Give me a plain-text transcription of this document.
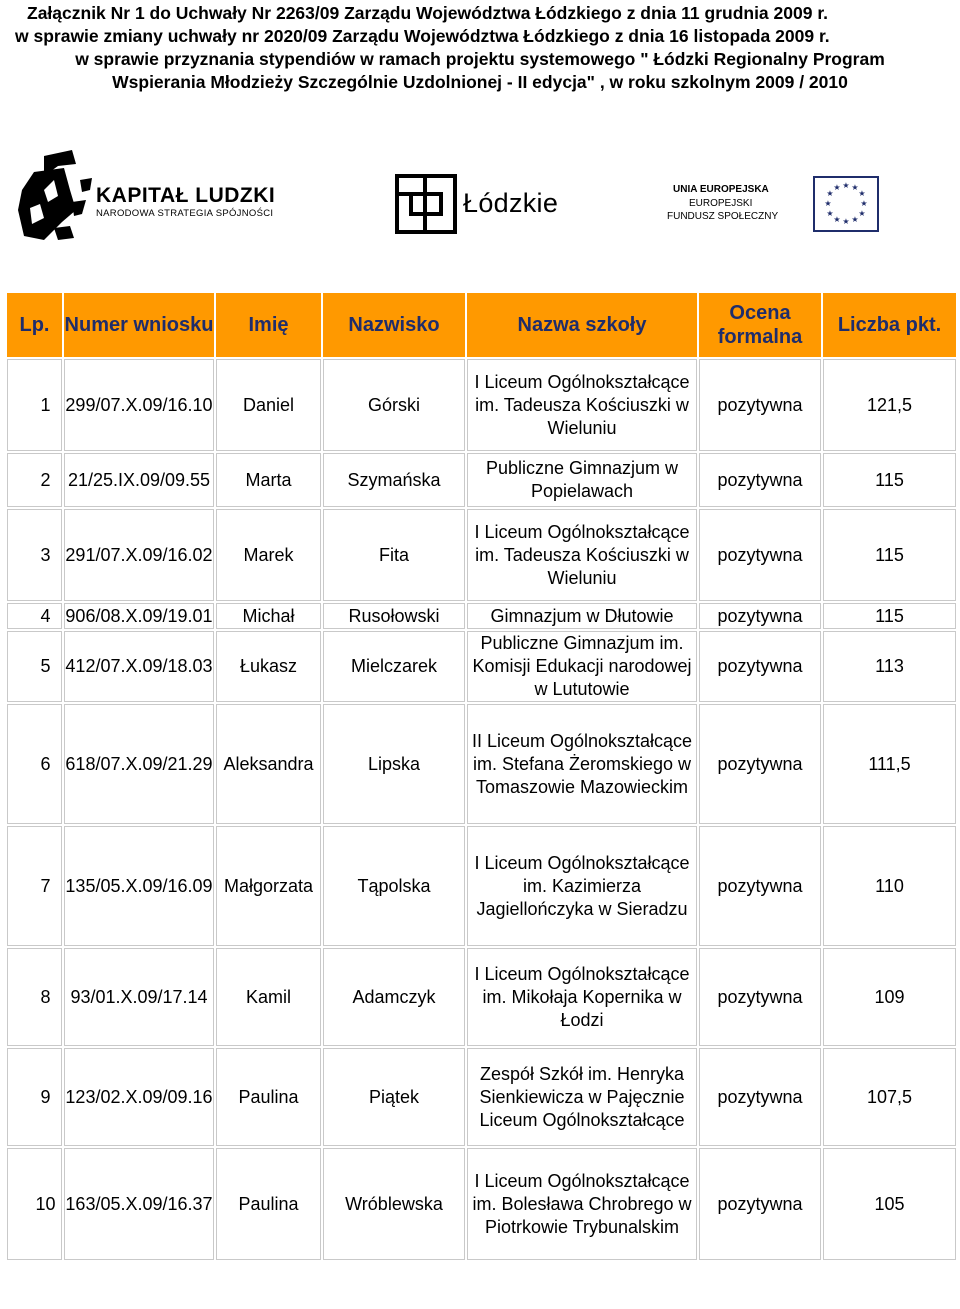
Załącznik Nr 1 do Uchwały Nr 2263/09 Zarządu Województwa Łódzkiego z dnia 11 grudnia 2009 r.
w sprawie zmiany uchwały nr 2020/09 Zarządu Województwa Łódzkiego z dnia 16 listopada 2009 r.
w sprawie przyznania stypendiów w ramach projektu systemowego " Łódzki Regionalny Program
Wspierania Młodzieży Szczególnie Uzdolnionej - II edycja" , w roku szkolnym 2009 / 2010
KAPITAŁ LUDZKI
NARODOWA STRATEGIA SPÓJNOŚCI	Łódzkie	UNIA EUROPEJSKA
EUROPEJSKI
FUNDUSZ SPOŁECZNY
★ ★
★
★
★
★
★
★
★
★
★
★
Lp.	Numer wniosku	Imię	Nazwisko	Nazwa szkoły	Ocena formalna	Liczba pkt.
1	299/07.X.09/16.10	Daniel	Górski	I Liceum Ogólnokształcące im. Tadeusza Kościuszki w Wieluniu	pozytywna	121,5
2	21/25.IX.09/09.55	Marta	Szymańska	Publiczne Gimnazjum w Popielawach	pozytywna	115
3	291/07.X.09/16.02	Marek	Fita	I Liceum Ogólnokształcące im. Tadeusza Kościuszki w Wieluniu	pozytywna	115
4	906/08.X.09/19.01	Michał	Rusołowski	Gimnazjum w Dłutowie	pozytywna	115
5	412/07.X.09/18.03	Łukasz	Mielczarek	Publiczne Gimnazjum im. Komisji Edukacji narodowej w Lututowie	pozytywna	113
6	618/07.X.09/21.29	Aleksandra	Lipska	II Liceum Ogólnokształcące im. Stefana Żeromskiego w Tomaszowie Mazowieckim	pozytywna	111,5
7	135/05.X.09/16.09	Małgorzata	Tąpolska	I Liceum Ogólnokształcące im. Kazimierza Jagiellończyka w Sieradzu	pozytywna	110
8	93/01.X.09/17.14	Kamil	Adamczyk	I Liceum Ogólnokształcące im. Mikołaja Kopernika w Łodzi	pozytywna	109
9	123/02.X.09/09.16	Paulina	Piątek	Zespół Szkół im. Henryka Sienkiewicza w Pajęcznie Liceum Ogólnokształcące	pozytywna	107,5
10	163/05.X.09/16.37	Paulina	Wróblewska	I Liceum Ogólnokształcące im. Bolesława Chrobrego w Piotrkowie Trybunalskim	pozytywna	105
